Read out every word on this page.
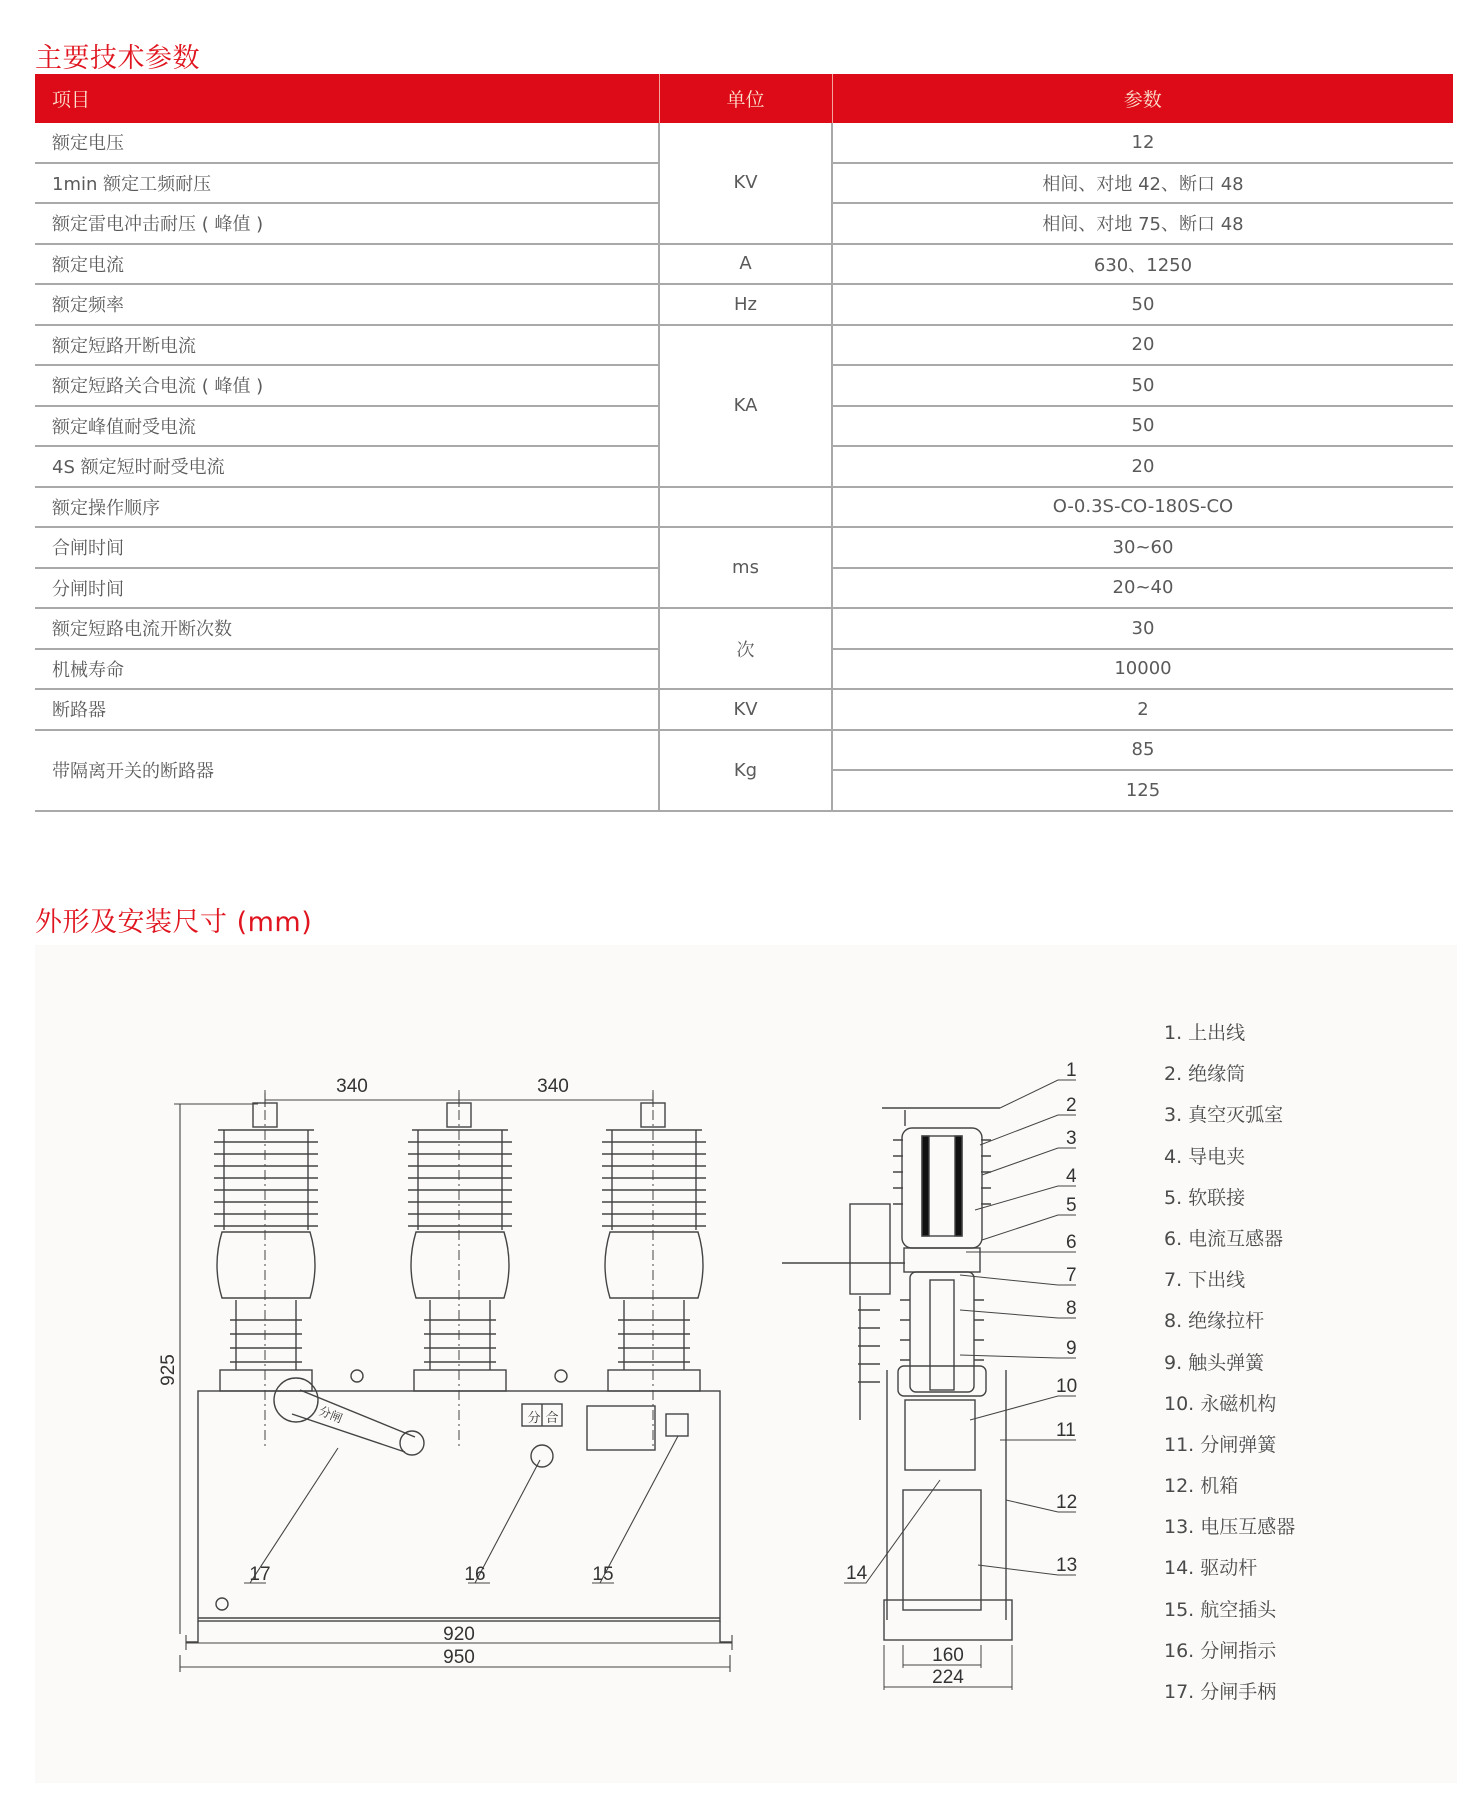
主要技术参数
项目	单位	参数
额定电压	KV	12
1min 额定工频耐压		相间、对地 42、断口 48
额定雷电冲击耐压 ( 峰值 )		相间、对地 75、断口 48
额定电流	A	630、1250
额定频率	Hz	50
额定短路开断电流	KA	20
额定短路关合电流 ( 峰值 )		50
额定峰值耐受电流		50
4S 额定短时耐受电流		20
额定操作顺序		O-0.3S-CO-180S-CO
合闸时间	ms	30~60
分闸时间		20~40
额定短路电流开断次数	次	30
机械寿命		10000
断路器	KV	2
带隔离开关的断路器	Kg	85
		125
外形及安装尺寸 (mm)
340	340
925
920
950
17	16	15
分 合
分闸
1
2
3
4
5
6
7
8
9
10
11
12
13
14
160
224
1. 上出线
2. 绝缘筒
3. 真空灭弧室
4. 导电夹
5. 软联接
6. 电流互感器
7. 下出线
8. 绝缘拉杆
9. 触头弹簧
10. 永磁机构
11. 分闸弹簧
12. 机箱
13. 电压互感器
14. 驱动杆
15. 航空插头
16. 分闸指示
17. 分闸手柄
